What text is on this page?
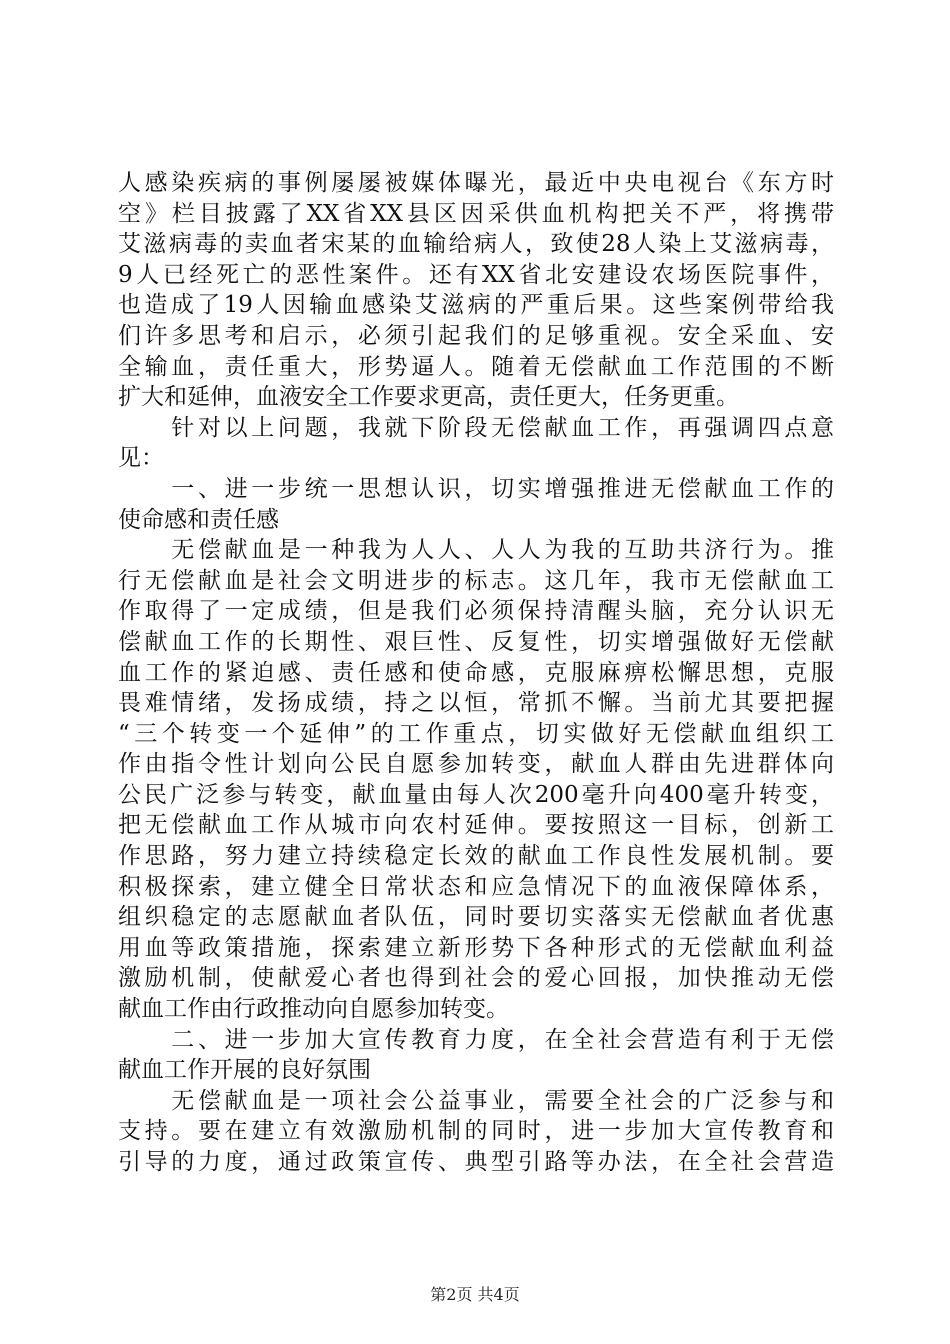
人感染疾病的事例屡屡被媒体曝光，最近中央电视台《东方时
空》栏目披露了XX省XX县区因采供血机构把关不严，将携带
艾滋病毒的卖血者宋某的血输给病人，致使28人染上艾滋病毒，
9人已经死亡的恶性案件。还有XX省北安建设农场医院事件，
也造成了19人因输血感染艾滋病的严重后果。这些案例带给我
们许多思考和启示，必须引起我们的足够重视。安全采血、安
全输血，责任重大，形势逼人。随着无偿献血工作范围的不断
扩大和延伸，血液安全工作要求更高，责任更大，任务更重。
　　针对以上问题，我就下阶段无偿献血工作，再强调四点意
见：
　　一、进一步统一思想认识，切实增强推进无偿献血工作的
使命感和责任感
　　无偿献血是一种我为人人、人人为我的互助共济行为。推
行无偿献血是社会文明进步的标志。这几年，我市无偿献血工
作取得了一定成绩，但是我们必须保持清醒头脑，充分认识无
偿献血工作的长期性、艰巨性、反复性，切实增强做好无偿献
血工作的紧迫感、责任感和使命感，克服麻痹松懈思想，克服
畏难情绪，发扬成绩，持之以恒，常抓不懈。当前尤其要把握
“三个转变一个延伸”的工作重点，切实做好无偿献血组织工
作由指令性计划向公民自愿参加转变，献血人群由先进群体向
公民广泛参与转变，献血量由每人次200毫升向400毫升转变，
把无偿献血工作从城市向农村延伸。要按照这一目标，创新工
作思路，努力建立持续稳定长效的献血工作良性发展机制。要
积极探索，建立健全日常状态和应急情况下的血液保障体系，
组织稳定的志愿献血者队伍，同时要切实落实无偿献血者优惠
用血等政策措施，探索建立新形势下各种形式的无偿献血利益
激励机制，使献爱心者也得到社会的爱心回报，加快推动无偿
献血工作由行政推动向自愿参加转变。
　　二、进一步加大宣传教育力度，在全社会营造有利于无偿
献血工作开展的良好氛围
　　无偿献血是一项社会公益事业，需要全社会的广泛参与和
支持。要在建立有效激励机制的同时，进一步加大宣传教育和
引导的力度，通过政策宣传、典型引路等办法，在全社会营造
第2页 共4页
